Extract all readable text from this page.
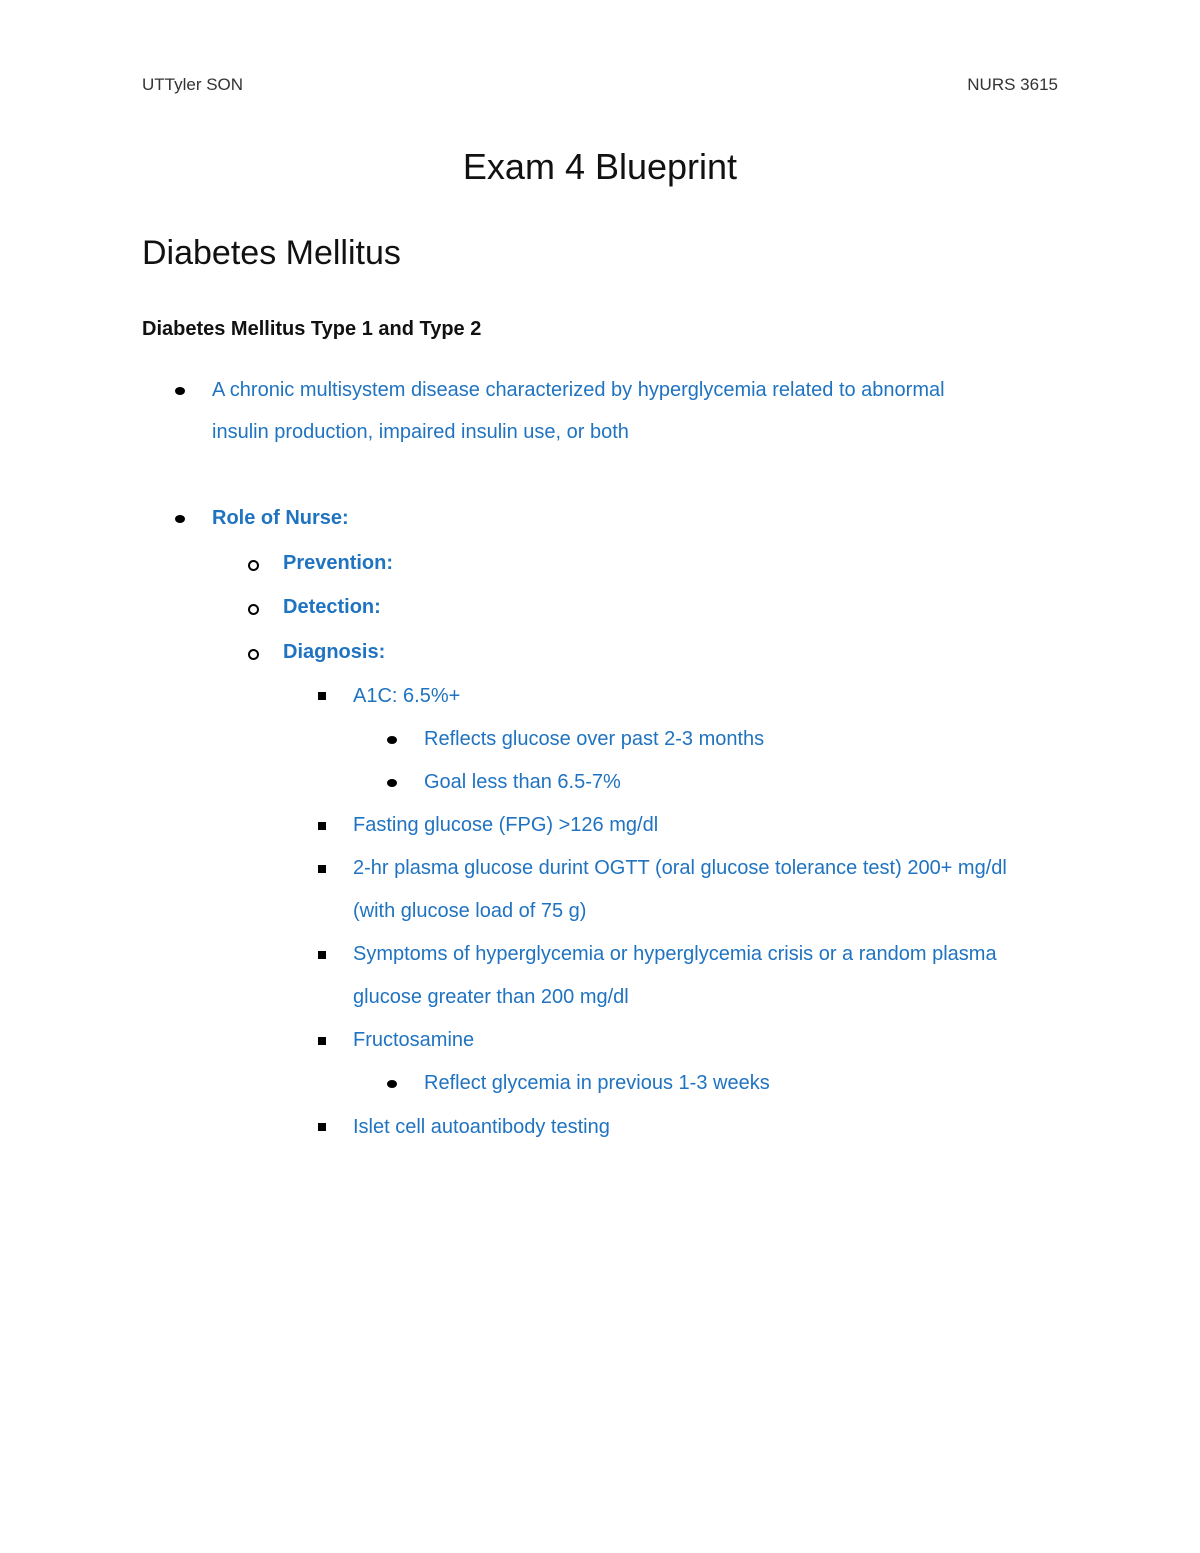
UTTyler SON	NURS 3615
Exam 4 Blueprint
Diabetes Mellitus
Diabetes Mellitus Type 1 and Type 2
A chronic multisystem disease characterized by hyperglycemia related to abnormal
insulin production, impaired insulin use, or both
Role of Nurse:
Prevention:
Detection:
Diagnosis:
A1C: 6.5%+
Reflects glucose over past 2-3 months
Goal less than 6.5-7%
Fasting glucose (FPG) >126 mg/dl
2-hr plasma glucose durint OGTT (oral glucose tolerance test) 200+ mg/dl
(with glucose load of 75 g)
Symptoms of hyperglycemia or hyperglycemia crisis or a random plasma
glucose greater than 200 mg/dl
Fructosamine
Reflect glycemia in previous 1-3 weeks
Islet cell autoantibody testing
